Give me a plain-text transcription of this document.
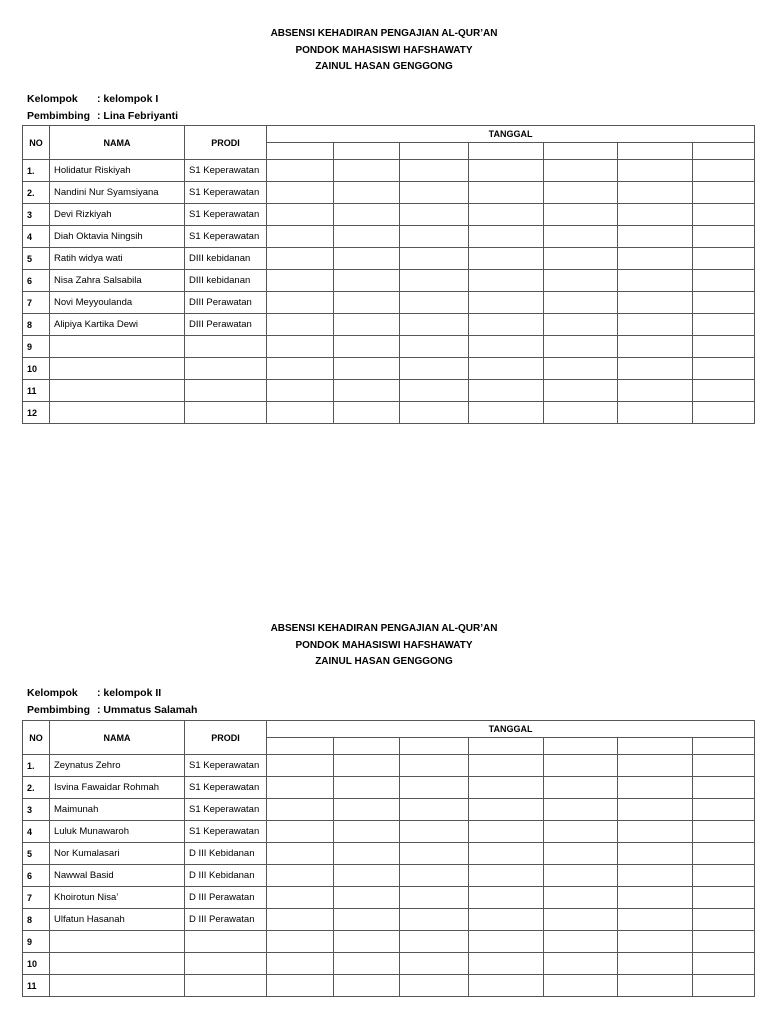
ABSENSI KEHADIRAN PENGAJIAN AL-QUR’AN
PONDOK MAHASISWI HAFSHAWATY
ZAINUL HASAN GENGGONG
Kelompok : kelompok I
Pembimbing : Lina Febriyanti
NO	NAMA	PRODI	TANGGAL						

1.	Holidatur Riskiyah	S1 Keperawatan							
2.	Nandini Nur Syamsiyana	S1 Keperawatan							
3	Devi Rizkiyah	S1 Keperawatan							
4	Diah Oktavia Ningsih	S1 Keperawatan							
5	Ratih widya wati	DIII kebidanan							
6	Nisa Zahra Salsabila	DIII kebidanan							
7	Novi Meyyoulanda	DIII Perawatan							
8	Alipiya Kartika Dewi	DIII Perawatan							
9									
10									
11									
12									
ABSENSI KEHADIRAN PENGAJIAN AL-QUR’AN
PONDOK MAHASISWI HAFSHAWATY
ZAINUL HASAN GENGGONG
Kelompok : kelompok II
Pembimbing : Ummatus Salamah
NO	NAMA	PRODI	TANGGAL						

1.	Zeynatus Zehro	S1 Keperawatan							
2.	Isvina Fawaidar Rohmah	S1 Keperawatan							
3	Maimunah	S1 Keperawatan							
4	Luluk Munawaroh	S1 Keperawatan							
5	Nor Kumalasari	D III Kebidanan							
6	Nawwal Basid	D III Kebidanan							
7	Khoirotun Nisa’	D III Perawatan							
8	Ulfatun Hasanah	D III Perawatan							
9									
10									
11									
